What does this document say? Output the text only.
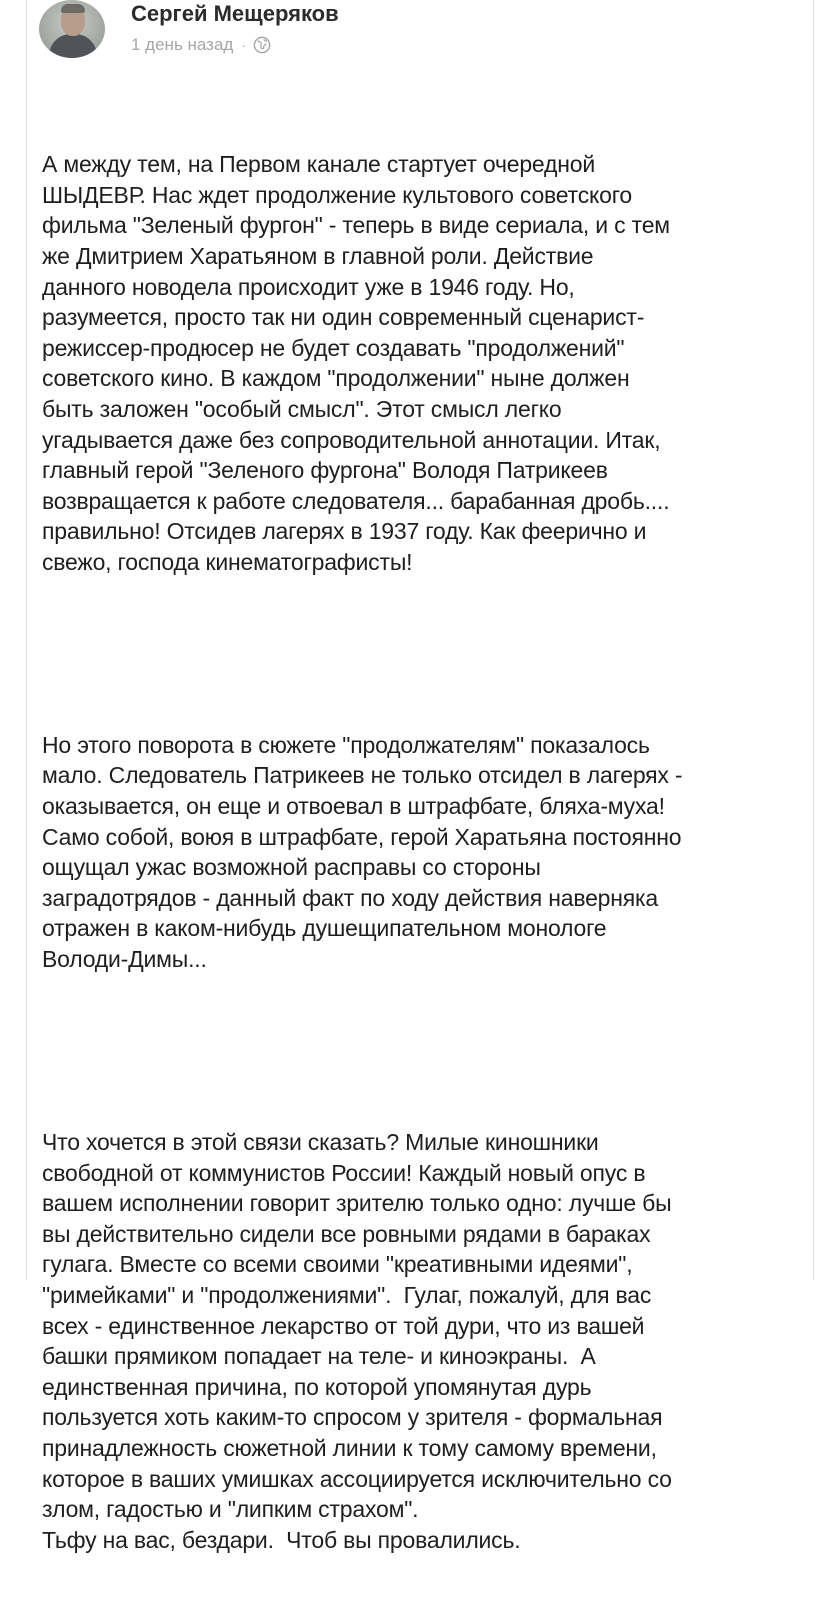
Сергей Мещеряков
1 день назад ·

А между тем, на Первом канале стартует очередной
ШЫДЕВР. Нас ждет продолжение культового советского
фильма "Зеленый фургон" - теперь в виде сериала, и с тем
же Дмитрием Харатьяном в главной роли. Действие
данного новодела происходит уже в 1946 году. Но,
разумеется, просто так ни один современный сценарист-
режиссер-продюсер не будет создавать "продолжений"
советского кино. В каждом "продолжении" ныне должен
быть заложен "особый смысл". Этот смысл легко
угадывается даже без сопроводительной аннотации. Итак,
главный герой "Зеленого фургона" Володя Патрикеев
возвращается к работе следователя... барабанная дробь....
правильно! Отсидев лагерях в 1937 году. Как феерично и
свежо, господа кинематографисты!

Но этого поворота в сюжете "продолжателям" показалось
мало. Следователь Патрикеев не только отсидел в лагерях -
оказывается, он еще и отвоевал в штрафбате, бляха-муха!
Само собой, воюя в штрафбате, герой Харатьяна постоянно
ощущал ужас возможной расправы со стороны
заградотрядов - данный факт по ходу действия наверняка
отражен в каком-нибудь душещипательном монологе
Володи-Димы...

Что хочется в этой связи сказать? Милые киношники
свободной от коммунистов России! Каждый новый опус в
вашем исполнении говорит зрителю только одно: лучше бы
вы действительно сидели все ровными рядами в бараках
гулага. Вместе со всеми своими "креативными идеями",
"римейками" и "продолжениями".  Гулаг, пожалуй, для вас
всех - единственное лекарство от той дури, что из вашей
башки прямиком попадает на теле- и киноэкраны.  А
единственная причина, по которой упомянутая дурь
пользуется хоть каким-то спросом у зрителя - формальная
принадлежность сюжетной линии к тому самому времени,
которое в ваших умишках ассоциируется исключительно со
злом, гадостью и "липким страхом".
Тьфу на вас, бездари.  Чтоб вы провалились.
